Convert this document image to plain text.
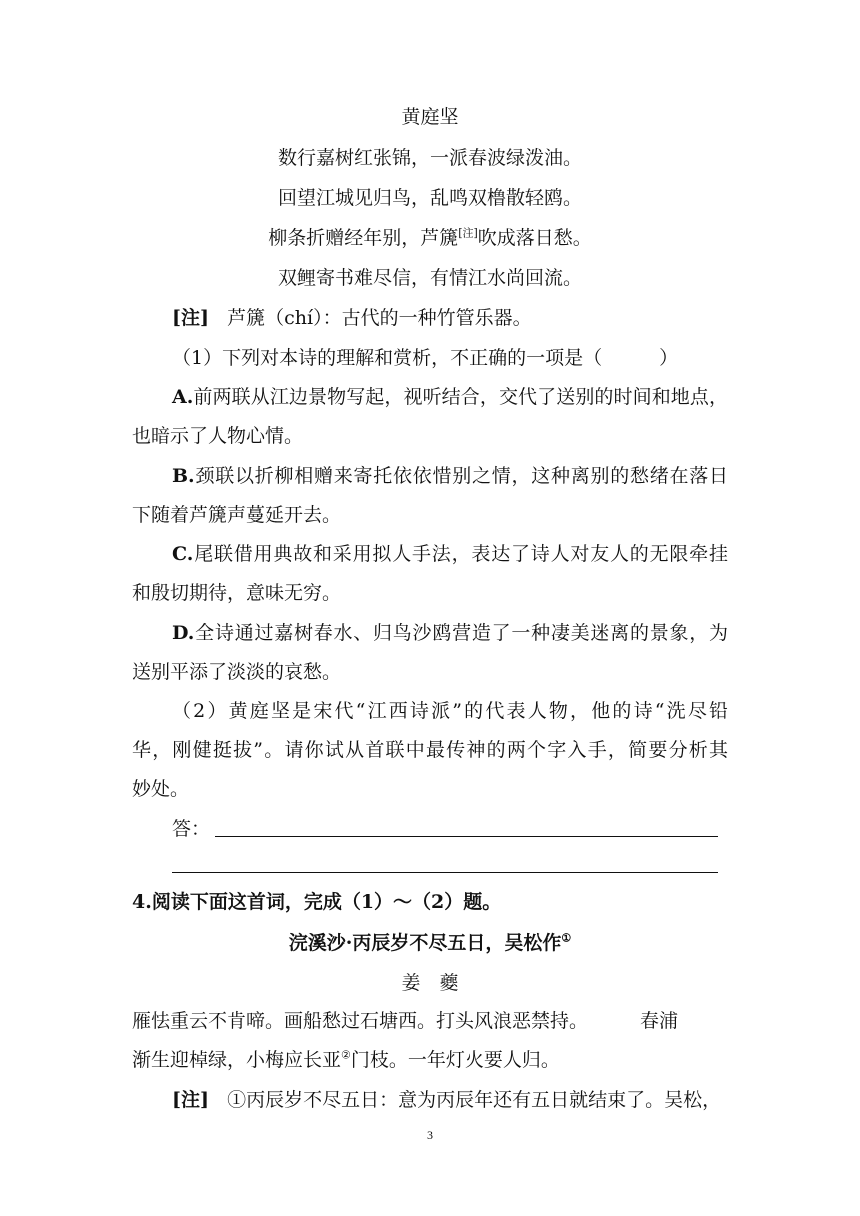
黄庭坚
数行嘉树红张锦，一派春波绿泼油。
回望江城见归鸟，乱鸣双橹散轻鸥。
柳条折赠经年别，芦篪[注]吹成落日愁。
双鲤寄书难尽信，有情江水尚回流。
[注] 芦篪（chí）：古代的一种竹管乐器。
（1）下列对本诗的理解和赏析，不正确的一项是（　　　）
A.前两联从江边景物写起，视听结合，交代了送别的时间和地点，
也暗示了人物心情。
B.颈联以折柳相赠来寄托依依惜别之情，这种离别的愁绪在落日
下随着芦篪声蔓延开去。
C.尾联借用典故和采用拟人手法，表达了诗人对友人的无限牵挂
和殷切期待，意味无穷。
D.全诗通过嘉树春水、归鸟沙鸥营造了一种凄美迷离的景象，为
送别平添了淡淡的哀愁。
（2）黄庭坚是宋代“江西诗派”的代表人物，他的诗“洗尽铅
华，刚健挺拔”。请你试从首联中最传神的两个字入手，简要分析其
妙处。
答：
4.阅读下面这首词，完成（1）～（2）题。
浣溪沙·丙辰岁不尽五日，吴松作①
姜　夔
雁怯重云不肯啼。画船愁过石塘西。打头风浪恶禁持。	春浦
渐生迎棹绿，小梅应长亚②门枝。一年灯火要人归。
[注] ①丙辰岁不尽五日：意为丙辰年还有五日就结束了。吴松，
3
